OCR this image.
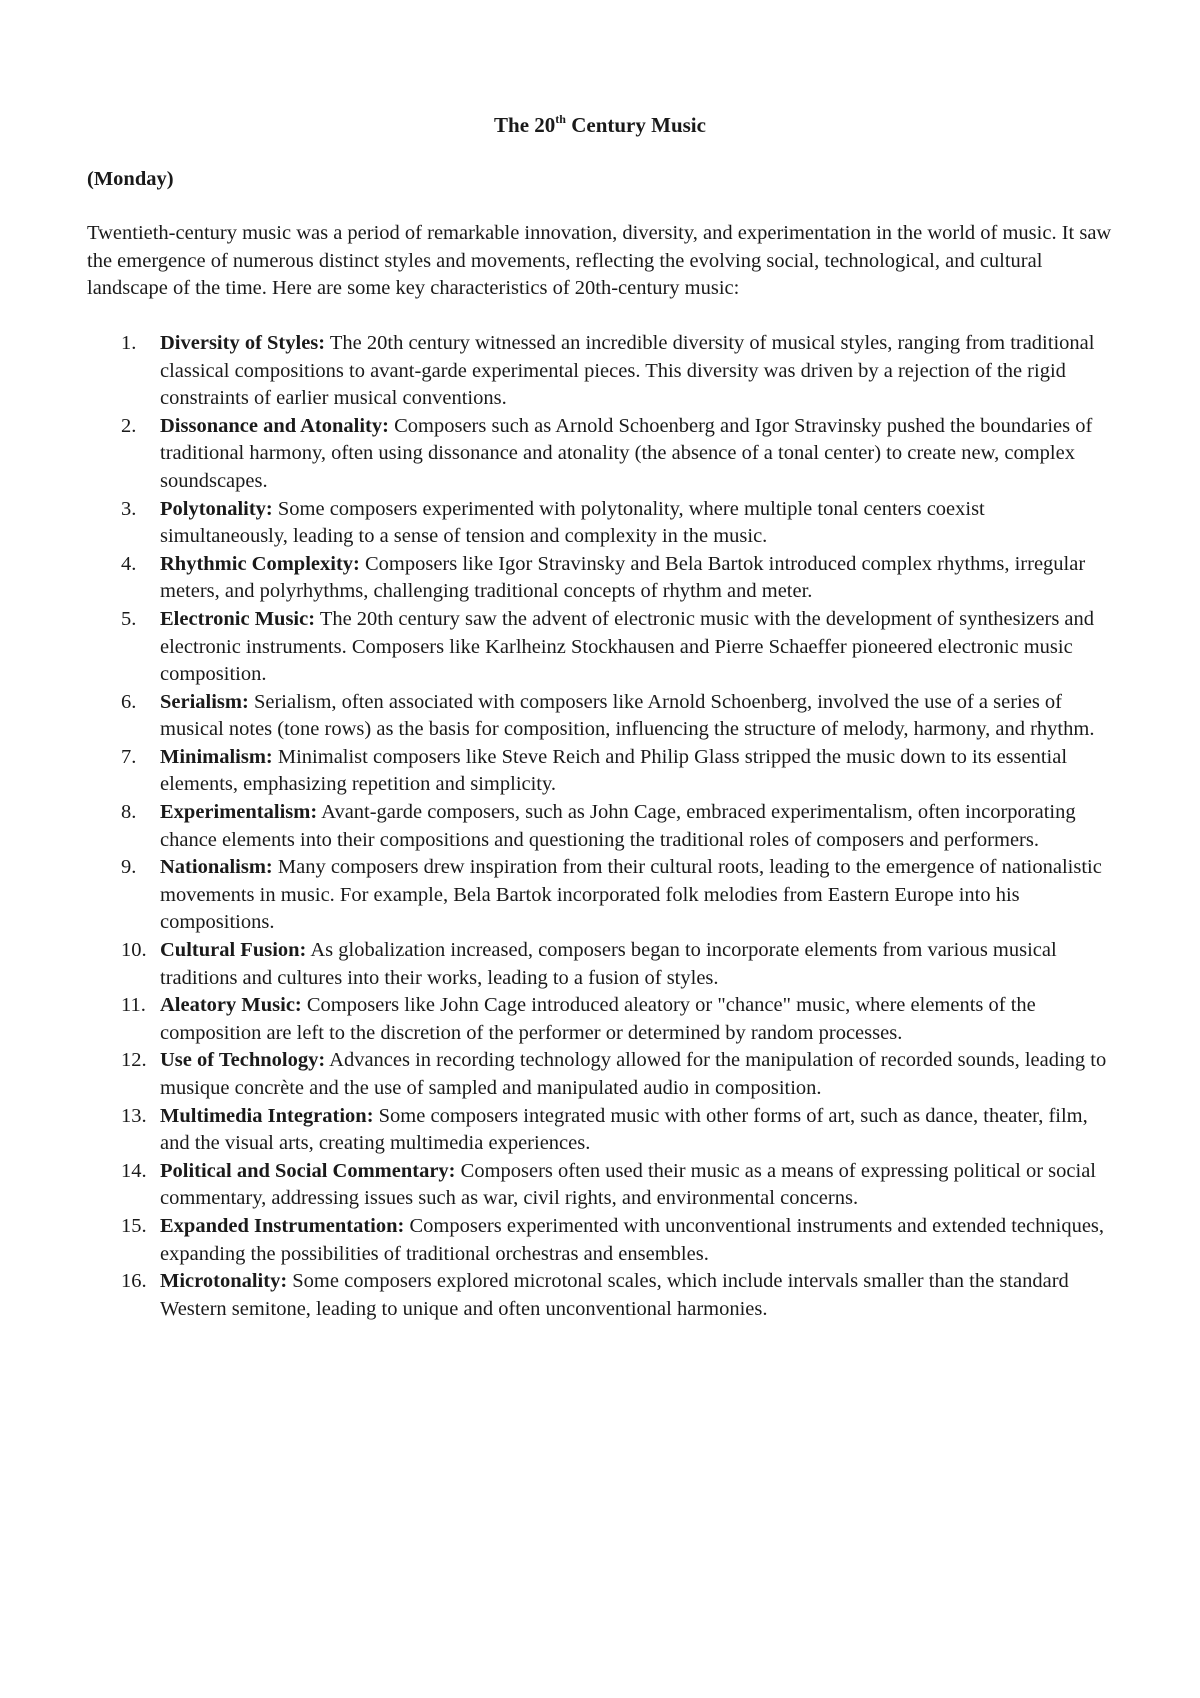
The 20th Century Music
(Monday)
Twentieth-century music was a period of remarkable innovation, diversity, and experimentation in the world of music. It saw the emergence of numerous distinct styles and movements, reflecting the evolving social, technological, and cultural landscape of the time. Here are some key characteristics of 20th-century music:
1.	Diversity of Styles: The 20th century witnessed an incredible diversity of musical styles, ranging from traditional classical compositions to avant-garde experimental pieces. This diversity was driven by a rejection of the rigid constraints of earlier musical conventions.
2.	Dissonance and Atonality: Composers such as Arnold Schoenberg and Igor Stravinsky pushed the boundaries of traditional harmony, often using dissonance and atonality (the absence of a tonal center) to create new, complex soundscapes.
3.	Polytonality: Some composers experimented with polytonality, where multiple tonal centers coexist simultaneously, leading to a sense of tension and complexity in the music.
4.	Rhythmic Complexity: Composers like Igor Stravinsky and Bela Bartok introduced complex rhythms, irregular meters, and polyrhythms, challenging traditional concepts of rhythm and meter.
5.	Electronic Music: The 20th century saw the advent of electronic music with the development of synthesizers and electronic instruments. Composers like Karlheinz Stockhausen and Pierre Schaeffer pioneered electronic music composition.
6.	Serialism: Serialism, often associated with composers like Arnold Schoenberg, involved the use of a series of musical notes (tone rows) as the basis for composition, influencing the structure of melody, harmony, and rhythm.
7.	Minimalism: Minimalist composers like Steve Reich and Philip Glass stripped the music down to its essential elements, emphasizing repetition and simplicity.
8.	Experimentalism: Avant-garde composers, such as John Cage, embraced experimentalism, often incorporating chance elements into their compositions and questioning the traditional roles of composers and performers.
9.	Nationalism: Many composers drew inspiration from their cultural roots, leading to the emergence of nationalistic movements in music. For example, Bela Bartok incorporated folk melodies from Eastern Europe into his compositions.
10. Cultural Fusion: As globalization increased, composers began to incorporate elements from various musical traditions and cultures into their works, leading to a fusion of styles.
11. Aleatory Music: Composers like John Cage introduced aleatory or "chance" music, where elements of the composition are left to the discretion of the performer or determined by random processes.
12. Use of Technology: Advances in recording technology allowed for the manipulation of recorded sounds, leading to musique concrète and the use of sampled and manipulated audio in composition.
13. Multimedia Integration: Some composers integrated music with other forms of art, such as dance, theater, film, and the visual arts, creating multimedia experiences.
14. Political and Social Commentary: Composers often used their music as a means of expressing political or social commentary, addressing issues such as war, civil rights, and environmental concerns.
15. Expanded Instrumentation: Composers experimented with unconventional instruments and extended techniques, expanding the possibilities of traditional orchestras and ensembles.
16. Microtonality: Some composers explored microtonal scales, which include intervals smaller than the standard Western semitone, leading to unique and often unconventional harmonies.
